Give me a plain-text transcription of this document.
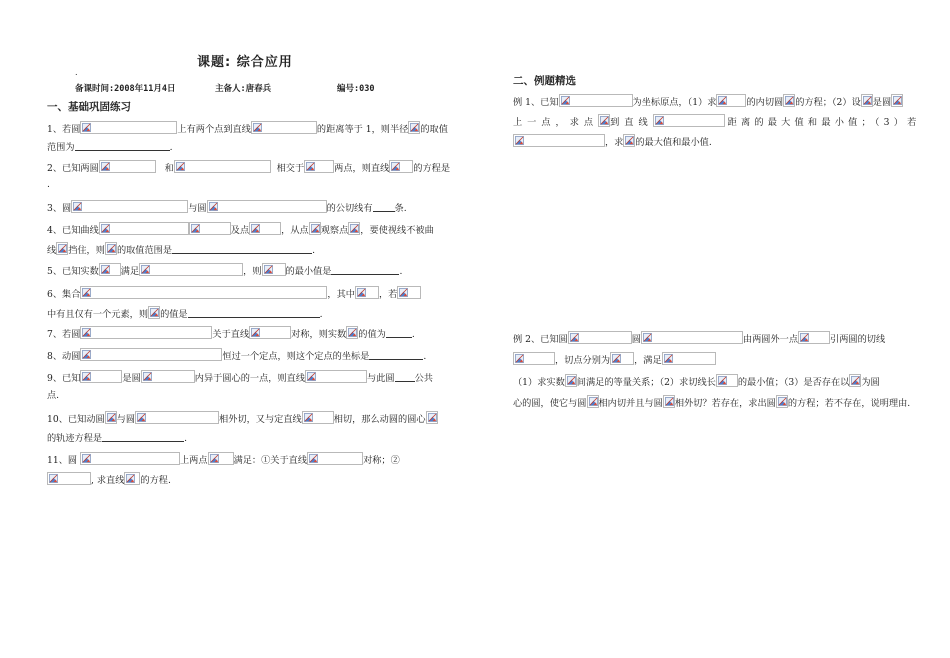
课题: 综合应用
.
备课时间:2008年11月4日	主备人:唐春兵	编号:030
一、基础巩固练习
1、若圆	上有两个点到直线	的距离等于 1，则半径 的取值
范围为	.
2、已知两圆	和	相交于	两点，则直线	的方程是
.
3、圆	与圆	的公切线有 条.
4、已知曲线	及点	，从点 观察点 ，要使视线不被曲
线 挡住，则 的取值范围是	.
5、已知实数 满足	，则	的最小值是	.
6、集合	，其中	，若
中有且仅有一个元素，则 的值是	.
7、若圆	关于直线	对称，则实数 的值为	.
8、动圆	恒过一个定点，则这个定点的坐标是	.
9、已知	是圆	内异于圆心的一点，则直线	与此圆 公共
点.
10、已知动圆 与圆	相外切，又与定直线	相切，那么动圆的圆心
的轨迹方程是	.
11、圆	上两点	满足：①关于直线	对称；②
, 求直线 的方程.
二、例题精选
例 1、已知	为坐标原点，（1）求	的内切圆 的方程；（2）设 是圆
上一点，求点 到直线	距离的最大值和最小值；（3）若
，求 的最大值和最小值.
例 2、已知圆	圆	由两圆外一点	引两圆的切线
，切点分别为	，满足
（1）求实数 间满足的等量关系；（2）求切线长 的最小值；（3）是否存在以 为圆
心的圆，使它与圆 相内切并且与圆 相外切？若存在，求出圆 的方程；若不存在，说明理由.
